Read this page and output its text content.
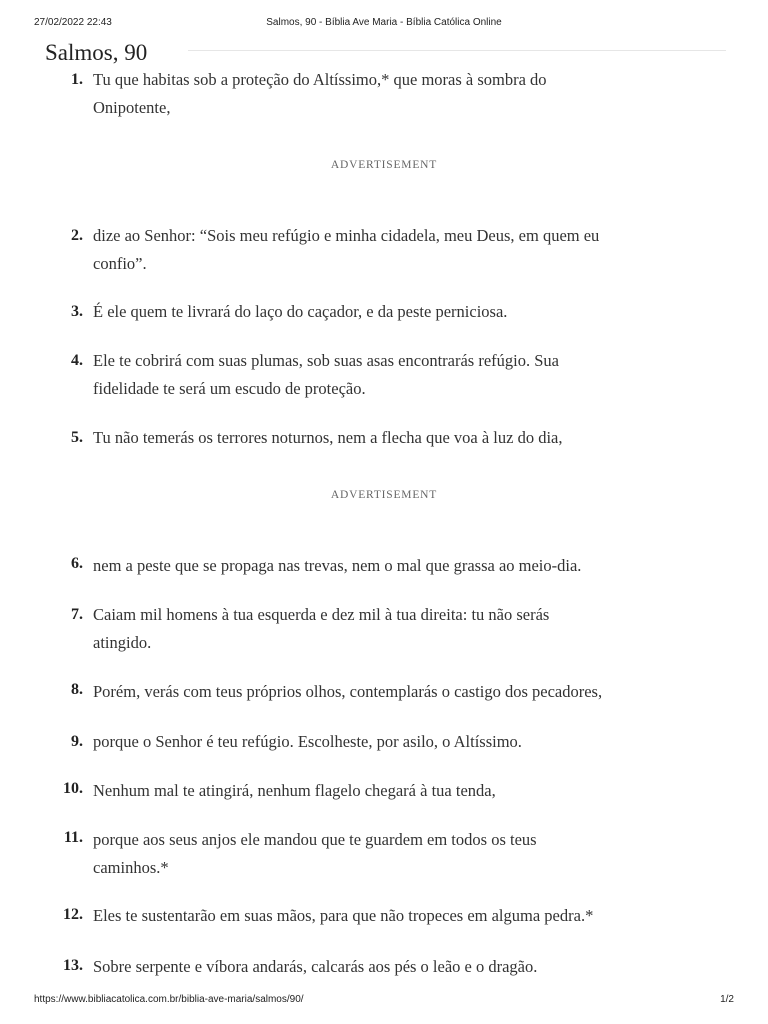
27/02/2022 22:43	Salmos, 90 - Bíblia Ave Maria - Bíblia Católica Online
Salmos, 90
1. Tu que habitas sob a proteção do Altíssimo,* que moras à sombra do
Onipotente,
ADVERTISEMENT
2. dize ao Senhor: “Sois meu refúgio e minha cidadela, meu Deus, em quem eu
confio”.
3. É ele quem te livrará do laço do caçador, e da peste perniciosa.
4. Ele te cobrirá com suas plumas, sob suas asas encontrarás refúgio. Sua
fidelidade te será um escudo de proteção.
5. Tu não temerás os terrores noturnos, nem a flecha que voa à luz do dia,
ADVERTISEMENT
6. nem a peste que se propaga nas trevas, nem o mal que grassa ao meio-dia.
7. Caiam mil homens à tua esquerda e dez mil à tua direita: tu não serás
atingido.
8. Porém, verás com teus próprios olhos, contemplarás o castigo dos pecadores,
9. porque o Senhor é teu refúgio. Escolheste, por asilo, o Altíssimo.
10. Nenhum mal te atingirá, nenhum flagelo chegará à tua tenda,
11. porque aos seus anjos ele mandou que te guardem em todos os teus
caminhos.*
12. Eles te sustentarão em suas mãos, para que não tropeces em alguma pedra.*
13. Sobre serpente e víbora andarás, calcarás aos pés o leão e o dragão.
https://www.bibliacatolica.com.br/biblia-ave-maria/salmos/90/	1/2
